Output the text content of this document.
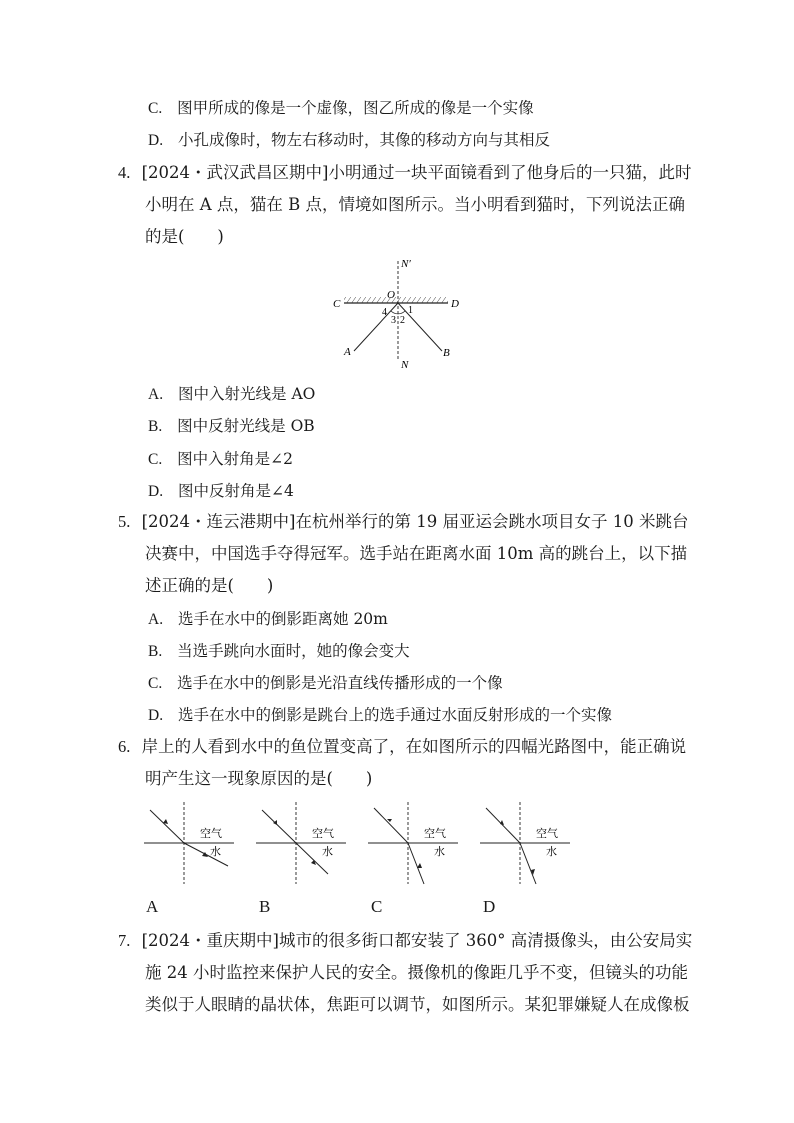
C. 图甲所成的像是一个虚像，图乙所成的像是一个实像
D. 小孔成像时，物左右移动时，其像的移动方向与其相反
4. [2024・武汉武昌区期中]小明通过一块平面镜看到了他身后的一只猫，此时
小明在 A 点，猫在 B 点，情境如图所示。当小明看到猫时，下列说法正确
的是(　　)
N′
O
C	D
1
2
3
4
A	B
N
A. 图中入射光线是 AO
B. 图中反射光线是 OB
C. 图中入射角是∠2
D. 图中反射角是∠4
5. [2024・连云港期中]在杭州举行的第 19 届亚运会跳水项目女子 10 米跳台
决赛中，中国选手夺得冠军。选手站在距离水面 10m 高的跳台上，以下描
述正确的是(　　)
A. 选手在水中的倒影距离她 20m
B. 当选手跳向水面时，她的像会变大
C. 选手在水中的倒影是光沿直线传播形成的一个像
D. 选手在水中的倒影是跳台上的选手通过水面反射形成的一个实像
6. 岸上的人看到水中的鱼位置变高了，在如图所示的四幅光路图中，能正确说
明产生这一现象原因的是(　　)
空气
水
空气
水
空气
水
空气
水
A	B	C	D
7. [2024・重庆期中]城市的很多街口都安装了 360° 高清摄像头，由公安局实
施 24 小时监控来保护人民的安全。摄像机的像距几乎不变，但镜头的功能
类似于人眼睛的晶状体，焦距可以调节，如图所示。某犯罪嫌疑人在成像板
